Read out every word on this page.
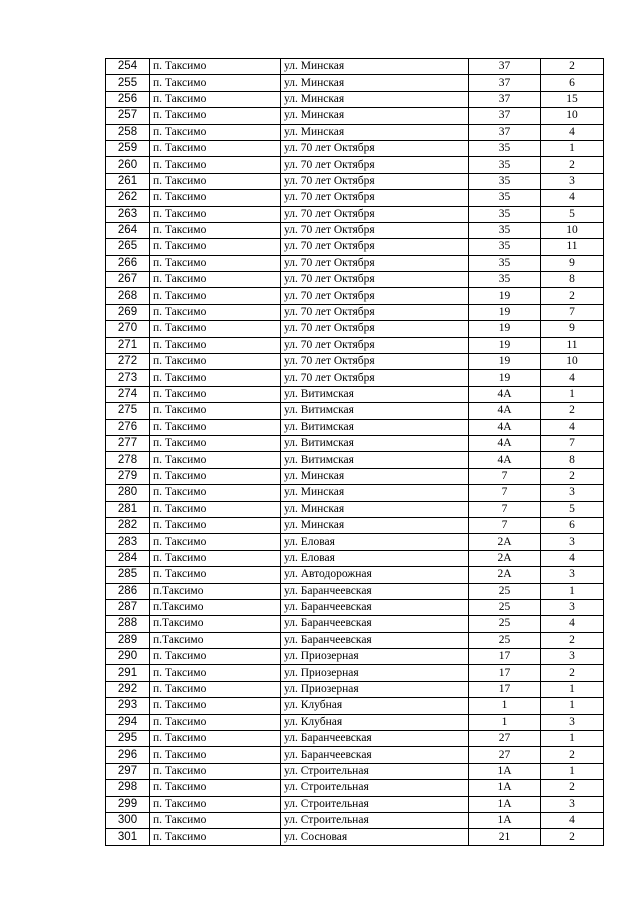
254	п. Таксимо	ул. Минская	37	2
255	п. Таксимо	ул. Минская	37	6
256	п. Таксимо	ул. Минская	37	15
257	п. Таксимо	ул. Минская	37	10
258	п. Таксимо	ул. Минская	37	4
259	п. Таксимо	ул. 70 лет Октября	35	1
260	п. Таксимо	ул. 70 лет Октября	35	2
261	п. Таксимо	ул. 70 лет Октября	35	3
262	п. Таксимо	ул. 70 лет Октября	35	4
263	п. Таксимо	ул. 70 лет Октября	35	5
264	п. Таксимо	ул. 70 лет Октября	35	10
265	п. Таксимо	ул. 70 лет Октября	35	11
266	п. Таксимо	ул. 70 лет Октября	35	9
267	п. Таксимо	ул. 70 лет Октября	35	8
268	п. Таксимо	ул. 70 лет Октября	19	2
269	п. Таксимо	ул. 70 лет Октября	19	7
270	п. Таксимо	ул. 70 лет Октября	19	9
271	п. Таксимо	ул. 70 лет Октября	19	11
272	п. Таксимо	ул. 70 лет Октября	19	10
273	п. Таксимо	ул. 70 лет Октября	19	4
274	п. Таксимо	ул. Витимская	4А	1
275	п. Таксимо	ул. Витимская	4А	2
276	п. Таксимо	ул. Витимская	4А	4
277	п. Таксимо	ул. Витимская	4А	7
278	п. Таксимо	ул. Витимская	4А	8
279	п. Таксимо	ул. Минская	7	2
280	п. Таксимо	ул. Минская	7	3
281	п. Таксимо	ул. Минская	7	5
282	п. Таксимо	ул. Минская	7	6
283	п. Таксимо	ул. Еловая	2А	3
284	п. Таксимо	ул. Еловая	2А	4
285	п. Таксимо	ул. Автодорожная	2А	3
286	п.Таксимо	ул. Баранчеевская	25	1
287	п.Таксимо	ул. Баранчеевская	25	3
288	п.Таксимо	ул. Баранчеевская	25	4
289	п.Таксимо	ул. Баранчеевская	25	2
290	п. Таксимо	ул. Приозерная	17	3
291	п. Таксимо	ул. Приозерная	17	2
292	п. Таксимо	ул. Приозерная	17	1
293	п. Таксимо	ул. Клубная	1	1
294	п. Таксимо	ул. Клубная	1	3
295	п. Таксимо	ул. Баранчеевская	27	1
296	п. Таксимо	ул. Баранчеевская	27	2
297	п. Таксимо	ул. Строительная	1А	1
298	п. Таксимо	ул. Строительная	1А	2
299	п. Таксимо	ул. Строительная	1А	3
300	п. Таксимо	ул. Строительная	1А	4
301	п. Таксимо	ул. Сосновая	21	2
